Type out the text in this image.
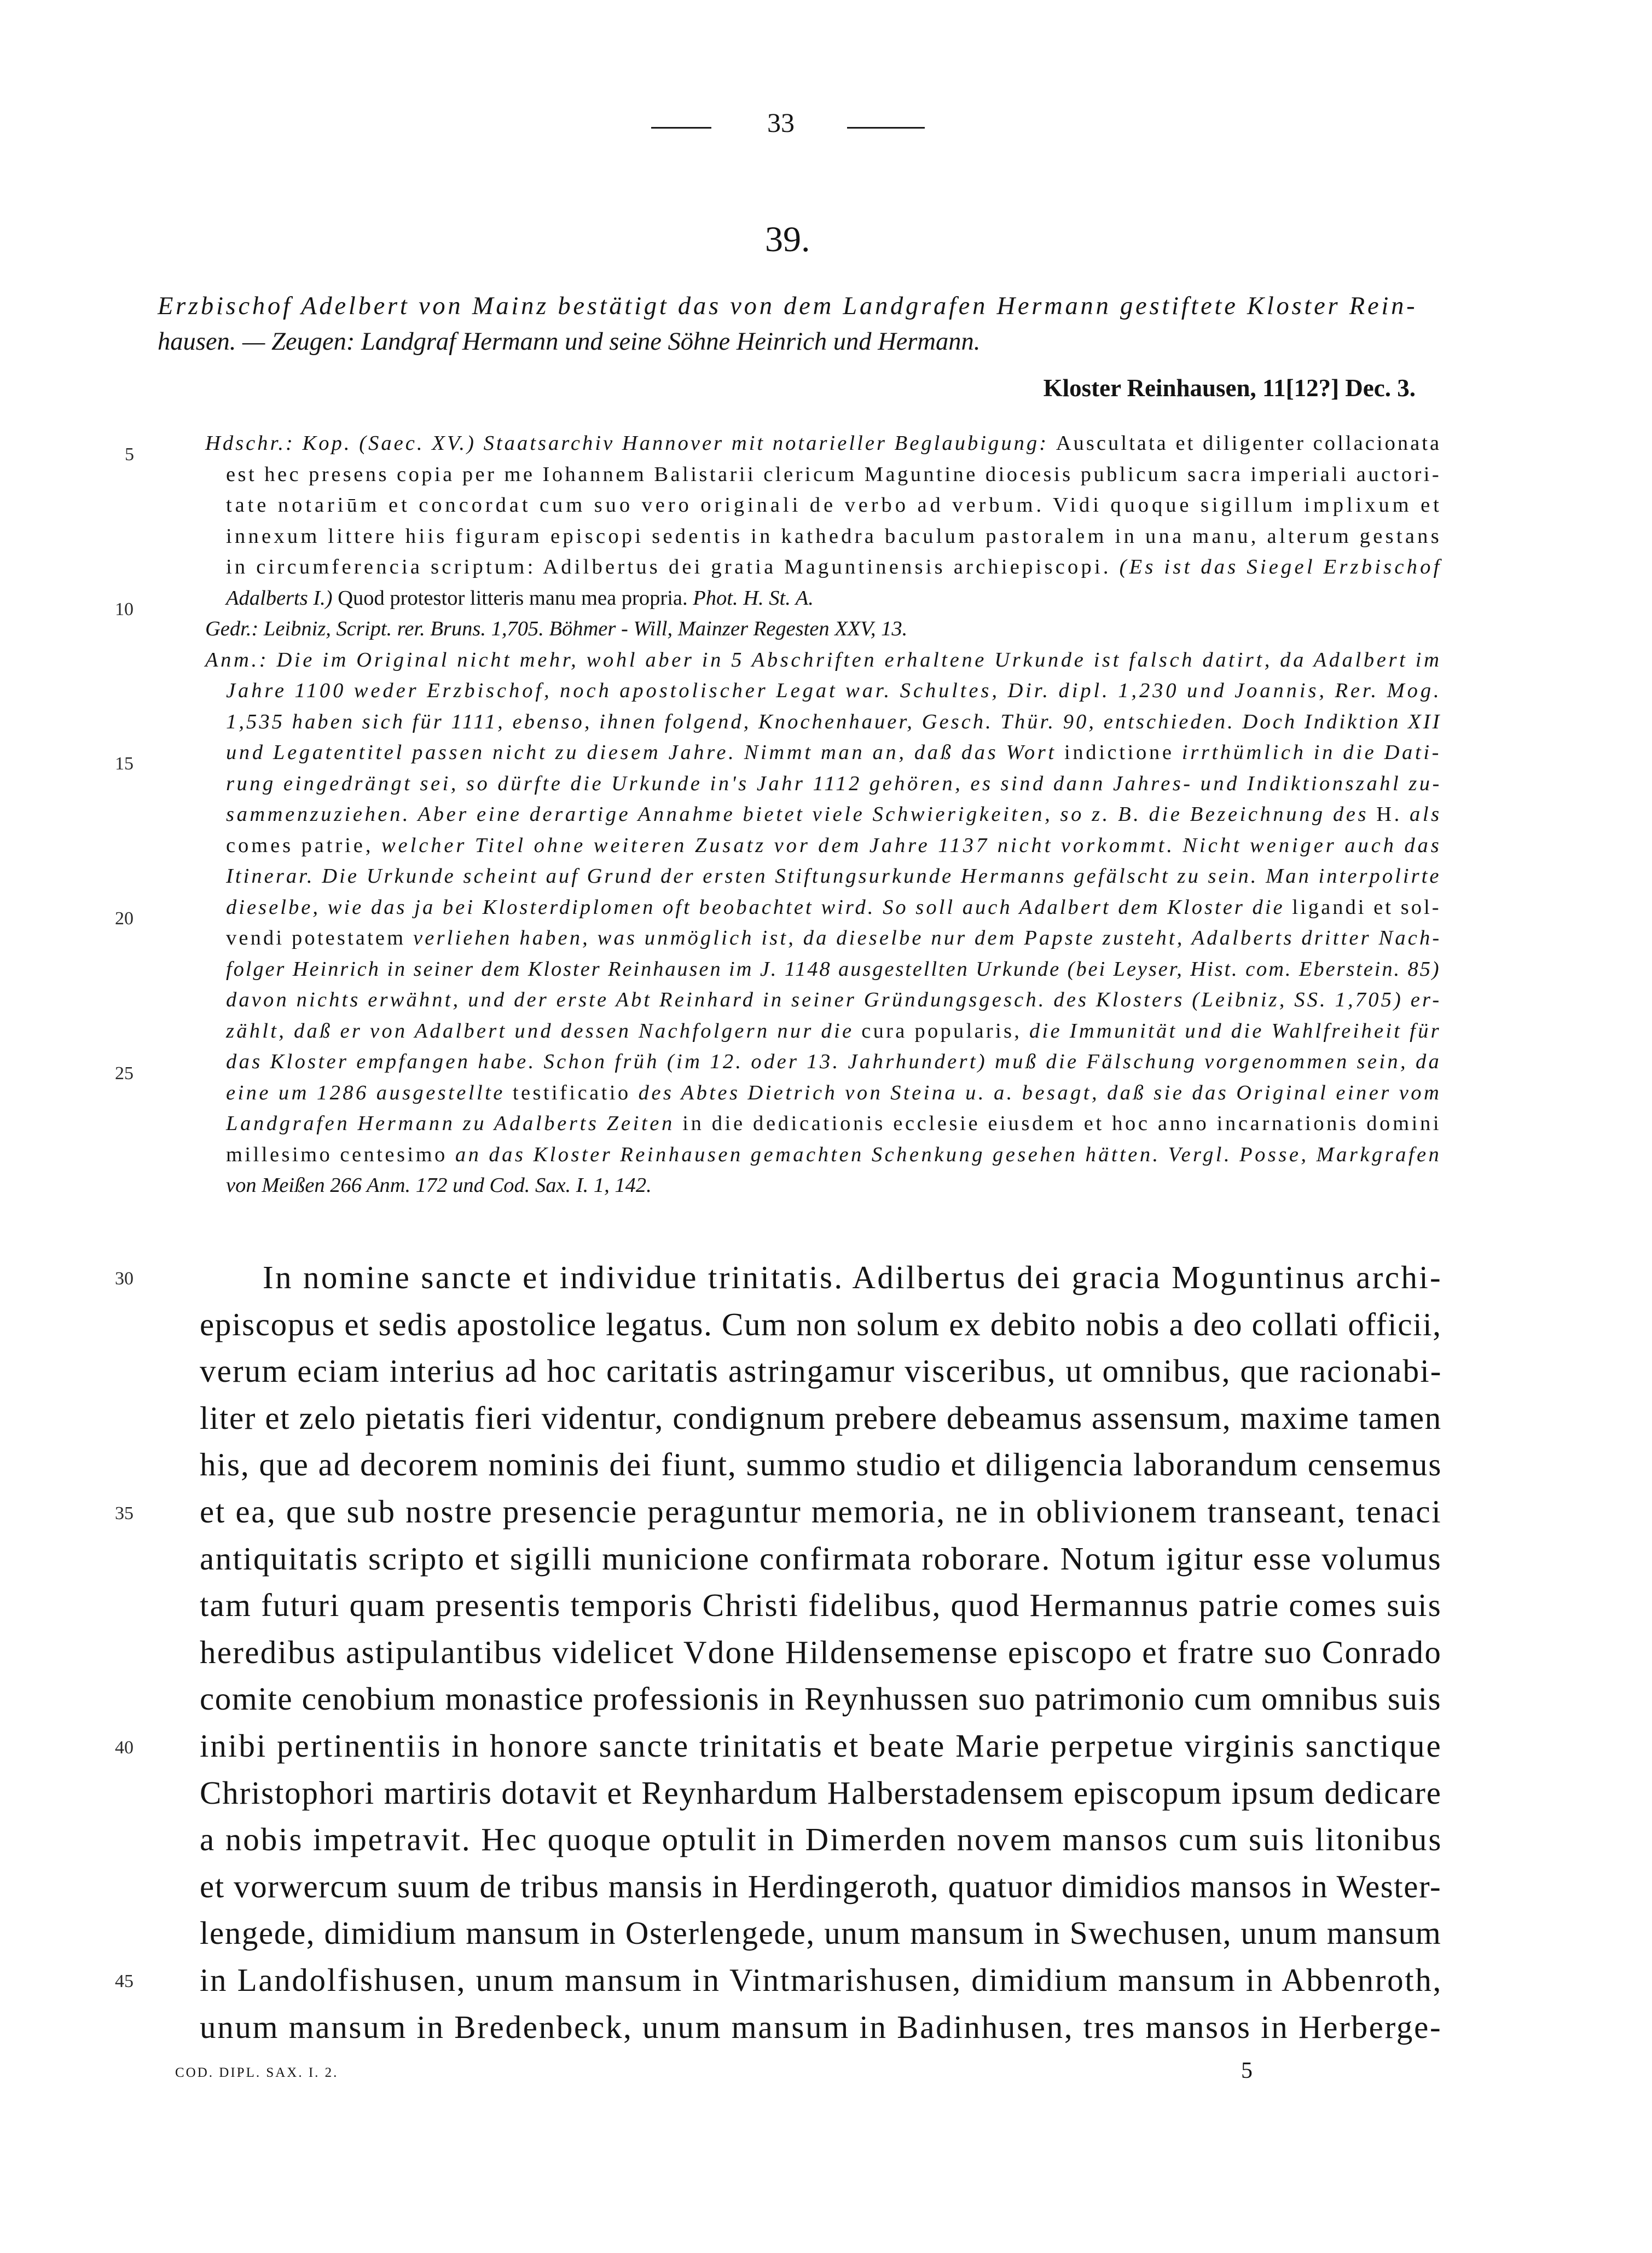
33
39.
Erzbischof Adelbert von Mainz bestätigt das von dem Landgrafen Hermann gestiftete Kloster Rein-
hausen. — Zeugen: Landgraf Hermann und seine Söhne Heinrich und Hermann.
Kloster Reinhausen, 11[12?] Dec. 3.
Hdschr.: Kop. (Saec. XV.) Staatsarchiv Hannover mit notarieller Beglaubigung: Auscultata et diligenter collacionata
est hec presens copia per me Iohannem Balistarii clericum Maguntine diocesis publicum sacra imperiali auctori-
tate notariūm et concordat cum suo vero originali de verbo ad verbum. Vidi quoque sigillum implixum et
innexum littere hiis figuram episcopi sedentis in kathedra baculum pastoralem in una manu, alterum gestans
in circumferencia scriptum: Adilbertus dei gratia Maguntinensis archiepiscopi. (Es ist das Siegel Erzbischof
Adalberts I.) Quod protestor litteris manu mea propria. Phot. H. St. A.
Gedr.: Leibniz, Script. rer. Bruns. 1,705. Böhmer - Will, Mainzer Regesten XXV, 13.
Anm.: Die im Original nicht mehr, wohl aber in 5 Abschriften erhaltene Urkunde ist falsch datirt, da Adalbert im
Jahre 1100 weder Erzbischof, noch apostolischer Legat war. Schultes, Dir. dipl. 1,230 und Joannis, Rer. Mog.
1,535 haben sich für 1111, ebenso, ihnen folgend, Knochenhauer, Gesch. Thür. 90, entschieden. Doch Indiktion XII
und Legatentitel passen nicht zu diesem Jahre. Nimmt man an, daß das Wort indictione irrthümlich in die Dati-
rung eingedrängt sei, so dürfte die Urkunde in's Jahr 1112 gehören, es sind dann Jahres- und Indiktionszahl zu-
sammenzuziehen. Aber eine derartige Annahme bietet viele Schwierigkeiten, so z. B. die Bezeichnung des H. als
comes patrie, welcher Titel ohne weiteren Zusatz vor dem Jahre 1137 nicht vorkommt. Nicht weniger auch das
Itinerar. Die Urkunde scheint auf Grund der ersten Stiftungsurkunde Hermanns gefälscht zu sein. Man interpolirte
dieselbe, wie das ja bei Klosterdiplomen oft beobachtet wird. So soll auch Adalbert dem Kloster die ligandi et sol-
vendi potestatem verliehen haben, was unmöglich ist, da dieselbe nur dem Papste zusteht, Adalberts dritter Nach-
folger Heinrich in seiner dem Kloster Reinhausen im J. 1148 ausgestellten Urkunde (bei Leyser, Hist. com. Eberstein. 85)
davon nichts erwähnt, und der erste Abt Reinhard in seiner Gründungsgesch. des Klosters (Leibniz, SS. 1,705) er-
zählt, daß er von Adalbert und dessen Nachfolgern nur die cura popularis, die Immunität und die Wahlfreiheit für
das Kloster empfangen habe. Schon früh (im 12. oder 13. Jahrhundert) muß die Fälschung vorgenommen sein, da
eine um 1286 ausgestellte testificatio des Abtes Dietrich von Steina u. a. besagt, daß sie das Original einer vom
Landgrafen Hermann zu Adalberts Zeiten in die dedicationis ecclesie eiusdem et hoc anno incarnationis domini
millesimo centesimo an das Kloster Reinhausen gemachten Schenkung gesehen hätten. Vergl. Posse, Markgrafen
von Meißen 266 Anm. 172 und Cod. Sax. I. 1, 142.
In nomine sancte et individue trinitatis. Adilbertus dei gracia Moguntinus archi-
episcopus et sedis apostolice legatus. Cum non solum ex debito nobis a deo collati officii,
verum eciam interius ad hoc caritatis astringamur visceribus, ut omnibus, que racionabi-
liter et zelo pietatis fieri videntur, condignum prebere debeamus assensum, maxime tamen
his, que ad decorem nominis dei fiunt, summo studio et diligencia laborandum censemus
et ea, que sub nostre presencie peraguntur memoria, ne in oblivionem transeant, tenaci
antiquitatis scripto et sigilli municione confirmata roborare. Notum igitur esse volumus
tam futuri quam presentis temporis Christi fidelibus, quod Hermannus patrie comes suis
heredibus astipulantibus videlicet Vdone Hildensemense episcopo et fratre suo Conrado
comite cenobium monastice professionis in Reynhussen suo patrimonio cum omnibus suis
inibi pertinentiis in honore sancte trinitatis et beate Marie perpetue virginis sanctique
Christophori martiris dotavit et Reynhardum Halberstadensem episcopum ipsum dedicare
a nobis impetravit. Hec quoque optulit in Dimerden novem mansos cum suis litonibus
et vorwercum suum de tribus mansis in Herdingeroth, quatuor dimidios mansos in Wester-
lengede, dimidium mansum in Osterlengede, unum mansum in Swechusen, unum mansum
in Landolfishusen, unum mansum in Vintmarishusen, dimidium mansum in Abbenroth,
unum mansum in Bredenbeck, unum mansum in Badinhusen, tres mansos in Herberge-
5
10
15
20
25
30
35
40
45
COD. DIPL. SAX. I. 2.	5
